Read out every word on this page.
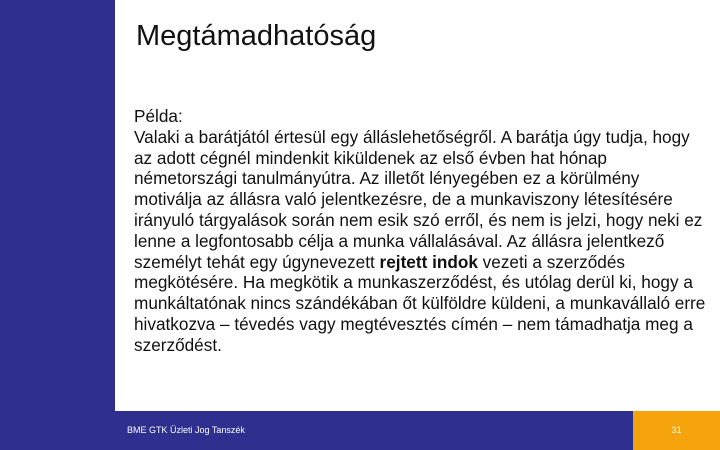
Megtámadhatóság

Példa:

Valaki a barátjától értesül egy álláslehetőségről. A barátja úgy tudja, hogy az adott cégnél mindenkit kiküldenek az első évben hat hónap németországi tanulmányútra. Az illetőt lényegében ez a körülmény motiválja az állásra való jelentkezésre, de a munkaviszony létesítésére irányuló tárgyalások során nem esik szó erről, és nem is jelzi, hogy neki ez lenne a legfontosabb célja a munka vállalásával. Az állásra jelentkező személyt tehát egy úgynevezett rejtett indok vezeti a szerződés megkötésére. Ha megkötik a munkaszerződést, és utólag derül ki, hogy a munkáltatónak nincs szándékában őt külföldre küldeni, a munkavállaló erre hivatkozva – tévedés vagy megtévesztés címén – nem támadhatja meg a szerződést.

BME GTK Üzleti Jog Tanszék	31
